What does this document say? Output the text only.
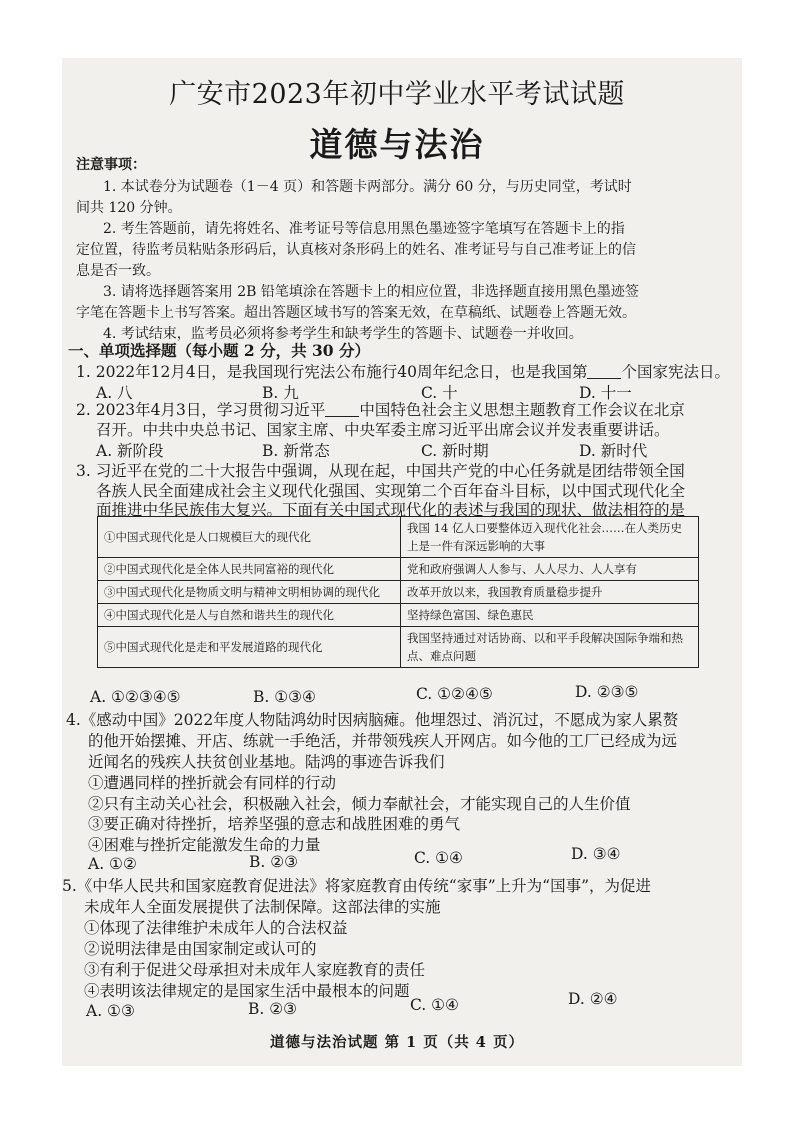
广安市2023年初中学业水平考试试题
道德与法治
注意事项：
1. 本试卷分为试题卷（1－4 页）和答题卡两部分。满分 60 分，与历史同堂，考试时
间共 120 分钟。
2. 考生答题前，请先将姓名、准考证号等信息用黑色墨迹签字笔填写在答题卡上的指
定位置，待监考员粘贴条形码后，认真核对条形码上的姓名、准考证号与自己准考证上的信
息是否一致。
3. 请将选择题答案用 2B 铅笔填涂在答题卡上的相应位置，非选择题直接用黑色墨迹签
字笔在答题卡上书写答案。超出答题区域书写的答案无效，在草稿纸、试题卷上答题无效。
4. 考试结束，监考员必须将参考学生和缺考学生的答题卡、试题卷一并收回。
一、单项选择题（每小题 2 分，共 30 分）
1. 2022年12月4日，是我国现行宪法公布施行40周年纪念日，也是我国第 个国家宪法日。
A. 八	B. 九	C. 十	D. 十一
2. 2023年4月3日，学习贯彻习近平 中国特色社会主义思想主题教育工作会议在北京
召开。中共中央总书记、国家主席、中央军委主席习近平出席会议并发表重要讲话。
A. 新阶段	B. 新常态	C. 新时期	D. 新时代
3. 习近平在党的二十大报告中强调，从现在起，中国共产党的中心任务就是团结带领全国
各族人民全面建成社会主义现代化强国、实现第二个百年奋斗目标，以中国式现代化全
面推进中华民族伟大复兴。下面有关中国式现代化的表述与我国的现状、做法相符的是
①中国式现代化是人口规模巨大的现代化	我国 14 亿人口要整体迈入现代化社会……在人类历史上是一件有深远影响的大事
②中国式现代化是全体人民共同富裕的现代化	党和政府强调人人参与、人人尽力、人人享有
③中国式现代化是物质文明与精神文明相协调的现代化	改革开放以来，我国教育质量稳步提升
④中国式现代化是人与自然和谐共生的现代化	坚持绿色富国、绿色惠民
⑤中国式现代化是走和平发展道路的现代化	我国坚持通过对话协商、以和平手段解决国际争端和热点、难点问题
A. ①②③④⑤	B. ①③④	C. ①②④⑤	D. ②③⑤
4.《感动中国》2022年度人物陆鸿幼时因病脑瘫。他埋怨过、消沉过，不愿成为家人累赘
的他开始摆摊、开店、练就一手绝活，并带领残疾人开网店。如今他的工厂已经成为远
近闻名的残疾人扶贫创业基地。陆鸿的事迹告诉我们
①遭遇同样的挫折就会有同样的行动
②只有主动关心社会，积极融入社会，倾力奉献社会，才能实现自己的人生价值
③要正确对待挫折，培养坚强的意志和战胜困难的勇气
④困难与挫折定能激发生命的力量
A. ①②	B. ②③	C. ①④	D. ③④
5.《中华人民共和国家庭教育促进法》将家庭教育由传统“家事”上升为“国事”，为促进
未成年人全面发展提供了法制保障。这部法律的实施
①体现了法律维护未成年人的合法权益
②说明法律是由国家制定或认可的
③有利于促进父母承担对未成年人家庭教育的责任
④表明该法律规定的是国家生活中最根本的问题
A. ①③	B. ②③	C. ①④	D. ②④
道德与法治试题 第 1 页（共 4 页）
